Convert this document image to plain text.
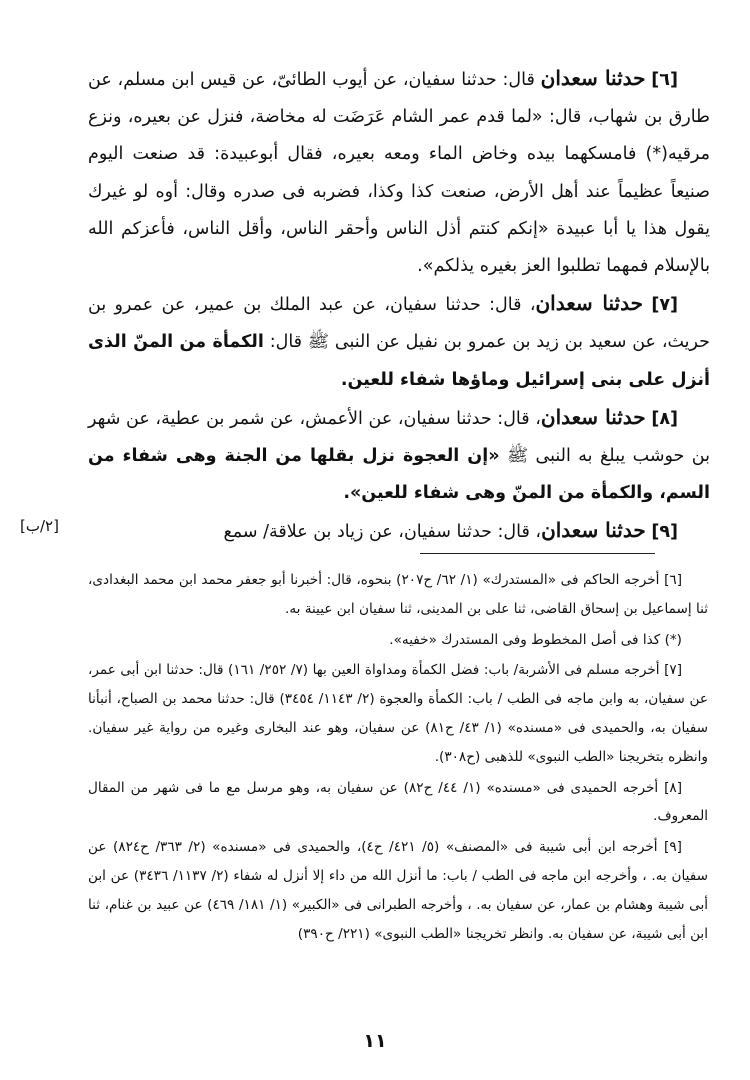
[٦] حدثنا سعدان قال: حدثنا سفيان، عن أيوب الطائىّ، عن قيس ابن مسلم، عن طارق بن شهاب، قال: «لما قدم عمر الشام عَرَضَت له مخاضة، فنزل عن بعيره، ونزع مرقيه(*) فامسكهما بيده وخاض الماء ومعه بعيره، فقال أبوعبيدة: قد صنعت اليوم صنيعاً عظيماً عند أهل الأرض، صنعت كذا وكذا، فضربه فى صدره وقال: أوه لو غيرك يقول هذا يا أبا عبيدة «إنكم كنتم أذل الناس وأحقر الناس، وأقل الناس، فأعزكم الله بالإسلام فمهما تطلبوا العز بغيره يذلكم».

[٧] حدثنا سعدان، قال: حدثنا سفيان، عن عبد الملك بن عمير، عن عمرو بن حريث، عن سعيد بن زيد بن عمرو بن نفيل عن النبى ﷺ قال: الكمأة من المنّ الذى أنزل على بنى إسرائيل وماؤها شفاء للعين.

[٨] حدثنا سعدان، قال: حدثنا سفيان، عن الأعمش، عن شمر بن عطية، عن شهر بن حوشب يبلغ به النبى ﷺ «إن العجوة نزل بقلها من الجنة وهى شفاء من السم، والكمأة من المنّ وهى شفاء للعين».

[٩] حدثنا سعدان، قال: حدثنا سفيان، عن زياد بن علاقة/ سمع

[٢/ب]

[٦] أخرجه الحاكم فى «المستدرك» (١/ ٦٢/ ح٢٠٧) بنحوه، قال: أخبرنا أبو جعفر محمد ابن محمد البغدادى، ثنا إسماعيل بن إسحاق القاضى، ثنا على بن المدينى، ثنا سفيان ابن عيينة به.

(*) كذا فى أصل المخطوط وفى المستدرك «خفيه».

[٧] أخرجه مسلم فى الأشربة/ باب: فضل الكمأة ومداواة العين بها (٧/ ٢٥٢/ ١٦١) قال: حدثنا ابن أبى عمر، عن سفيان، به وابن ماجه فى الطب / باب: الكمأة والعجوة (٢/ ١١٤٣/ ٣٤٥٤) قال: حدثنا محمد بن الصباح، أنبأنا سفيان به، والحميدى فى «مسنده» (١/ ٤٣/ ح٨١) عن سفيان، وهو عند البخارى وغيره من رواية غير سفيان. وانظره بتخريجنا «الطب النبوى» للذهبى (ح٣٠٨).

[٨] أخرجه الحميدى فى «مسنده» (١/ ٤٤/ ح٨٢) عن سفيان به، وهو مرسل مع ما فى شهر من المقال المعروف.

[٩] أخرجه ابن أبى شيبة فى «المصنف» (٥/ ٤٢١/ ح٤)، والحميدى فى «مسنده» (٢/ ٣٦٣/ ح٨٢٤) عن سفيان به. ، وأخرجه ابن ماجه فى الطب / باب: ما أنزل الله من داء إلا أنزل له شفاء (٢/ ١١٣٧/ ٣٤٣٦) عن ابن أبى شيبة وهشام بن عمار، عن سفيان به. ، وأخرجه الطبرانى فى «الكبير» (١/ ١٨١/ ٤٦٩) عن عبيد بن غنام، ثنا ابن أبى شيبة، عن سفيان به. وانظر تخريجنا «الطب النبوى» (٢٢١/ ح٣٩٠)

١١
